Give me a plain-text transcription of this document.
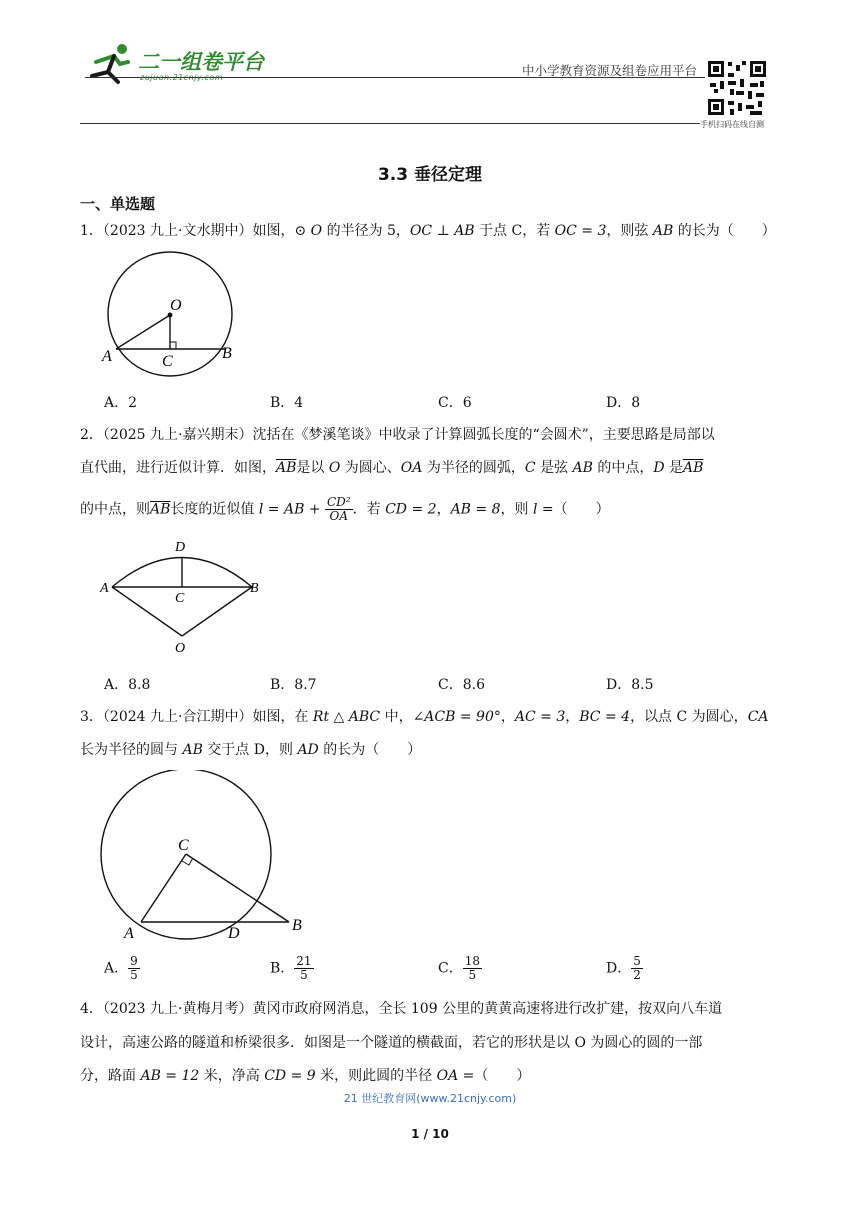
二一组卷平台	中小学教育资源及组卷应用平台
手机扫码在线自测
3.3 垂径定理
一、单选题
1．（2023 九上·文水期中）如图，⊙ O 的半径为 5，OC ⊥ AB 于点 C，若 OC = 3，则弦 AB 的长为（　　）
O
A	B
C
A．2	B．4	C．6	D．8
2．（2025 九上·嘉兴期末）沈括在《梦溪笔谈》中收录了计算圆弧长度的“会圆术”，主要思路是局部以
直代曲，进行近似计算．如图，$\overline{AB}$是以 O 为圆心、OA 为半径的圆弧，C 是弦 AB 的中点，D 是$\overline{AB}$
的中点，则$\overline{AB}$长度的近似值 l = AB + $\frac{\text{CD²}}{OA}$ ．若 CD = 2，AB = 8，则 l =（　　）
D
A	B
C
O
A．8.8	B．8.7	C．8.6	D．8.5
3．（2024 九上·合江期中）如图，在 Rt △ ABC 中，∠ACB = 90°，AC = 3，BC = 4，以点 C 为圆心，CA
长为半径的圆与 AB 交于点 D，则 AD 的长为（　　）
C
A	D	B
A． $\frac{9}{5}$	B． $\frac{21}{5}$	C． $\frac{18}{5}$	D． $\frac{5}{2}$
4．（2023 九上·黄梅月考）黄冈市政府网消息，全长 109 公里的黄黄高速将进行改扩建，按双向八车道
设计，高速公路的隧道和桥梁很多．如图是一个隧道的横截面，若它的形状是以 O 为圆心的圆的一部
分，路面 AB = 12 米，净高 CD = 9 米，则此圆的半径 OA =（　　）
21 世纪教育网(www.21cnjy.com)
1 / 10
